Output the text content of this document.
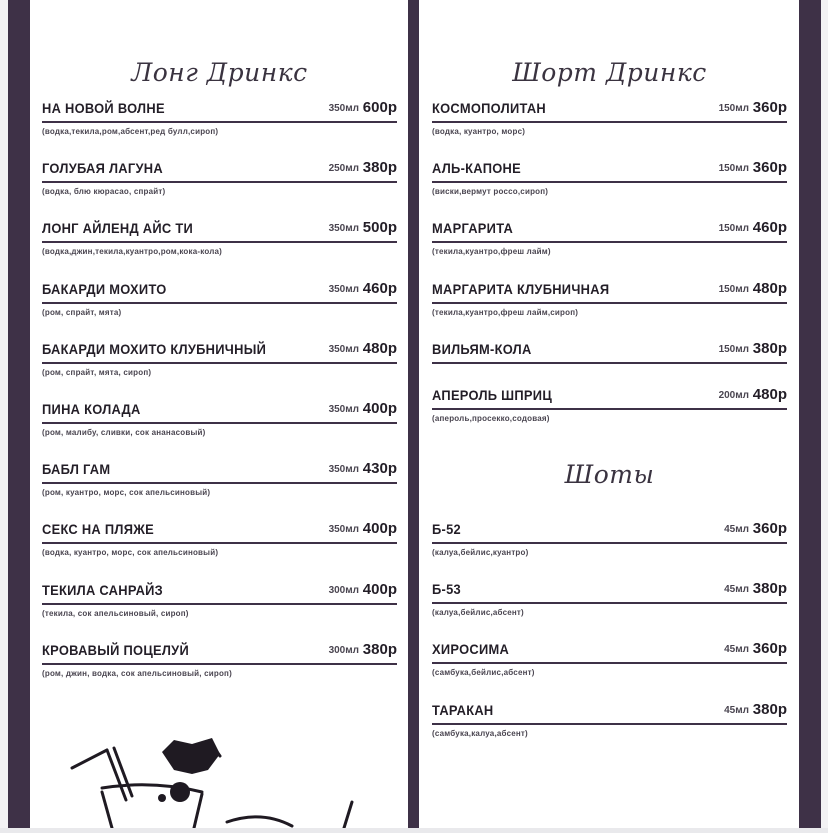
Лонг Дринкс	Шорт Дринкс
Шоты
НА НОВОЙ ВОЛНЕ	350мл 600р
(водка,текила,ром,абсент,ред булл,сироп)
ГОЛУБАЯ ЛАГУНА	250мл 380р
(водка, блю кюрасао, спрайт)
ЛОНГ АЙЛЕНД АЙС ТИ	350мл 500р
(водка,джин,текила,куантро,ром,кока-кола)
БАКАРДИ МОХИТО	350мл 460р
(ром, спрайт, мята)
БАКАРДИ МОХИТО КЛУБНИЧНЫЙ	350мл 480р
(ром, спрайт, мята, сироп)
ПИНА КОЛАДА	350мл 400р
(ром, малибу, сливки, сок ананасовый)
БАБЛ ГАМ	350мл 430р
(ром, куантро, морс, сок апельсиновый)
СЕКС НА ПЛЯЖЕ	350мл 400р
(водка, куантро, морс, сок апельсиновый)
ТЕКИЛА САНРАЙЗ	300мл 400р
(текила, сок апельсиновый, сироп)
КРОВАВЫЙ ПОЦЕЛУЙ	300мл 380р
(ром, джин, водка, сок апельсиновый, сироп)
КОСМОПОЛИТАН	150мл 360р
(водка, куантро, морс)
АЛЬ-КАПОНЕ	150мл 360р
(виски,вермут россо,сироп)
МАРГАРИТА	150мл 460р
(текила,куантро,фреш лайм)
МАРГАРИТА КЛУБНИЧНАЯ	150мл 480р
(текила,куантро,фреш лайм,сироп)
ВИЛЬЯМ-КОЛА	150мл 380р
АПЕРОЛЬ ШПРИЦ	200мл 480р
(апероль,просекко,содовая)
Б-52	45мл 360р
(калуа,бейлис,куантро)
Б-53	45мл 380р
(калуа,бейлис,абсент)
ХИРОСИМА	45мл 360р
(самбука,бейлис,абсент)
ТАРАКАН	45мл 380р
(самбука,калуа,абсент)
